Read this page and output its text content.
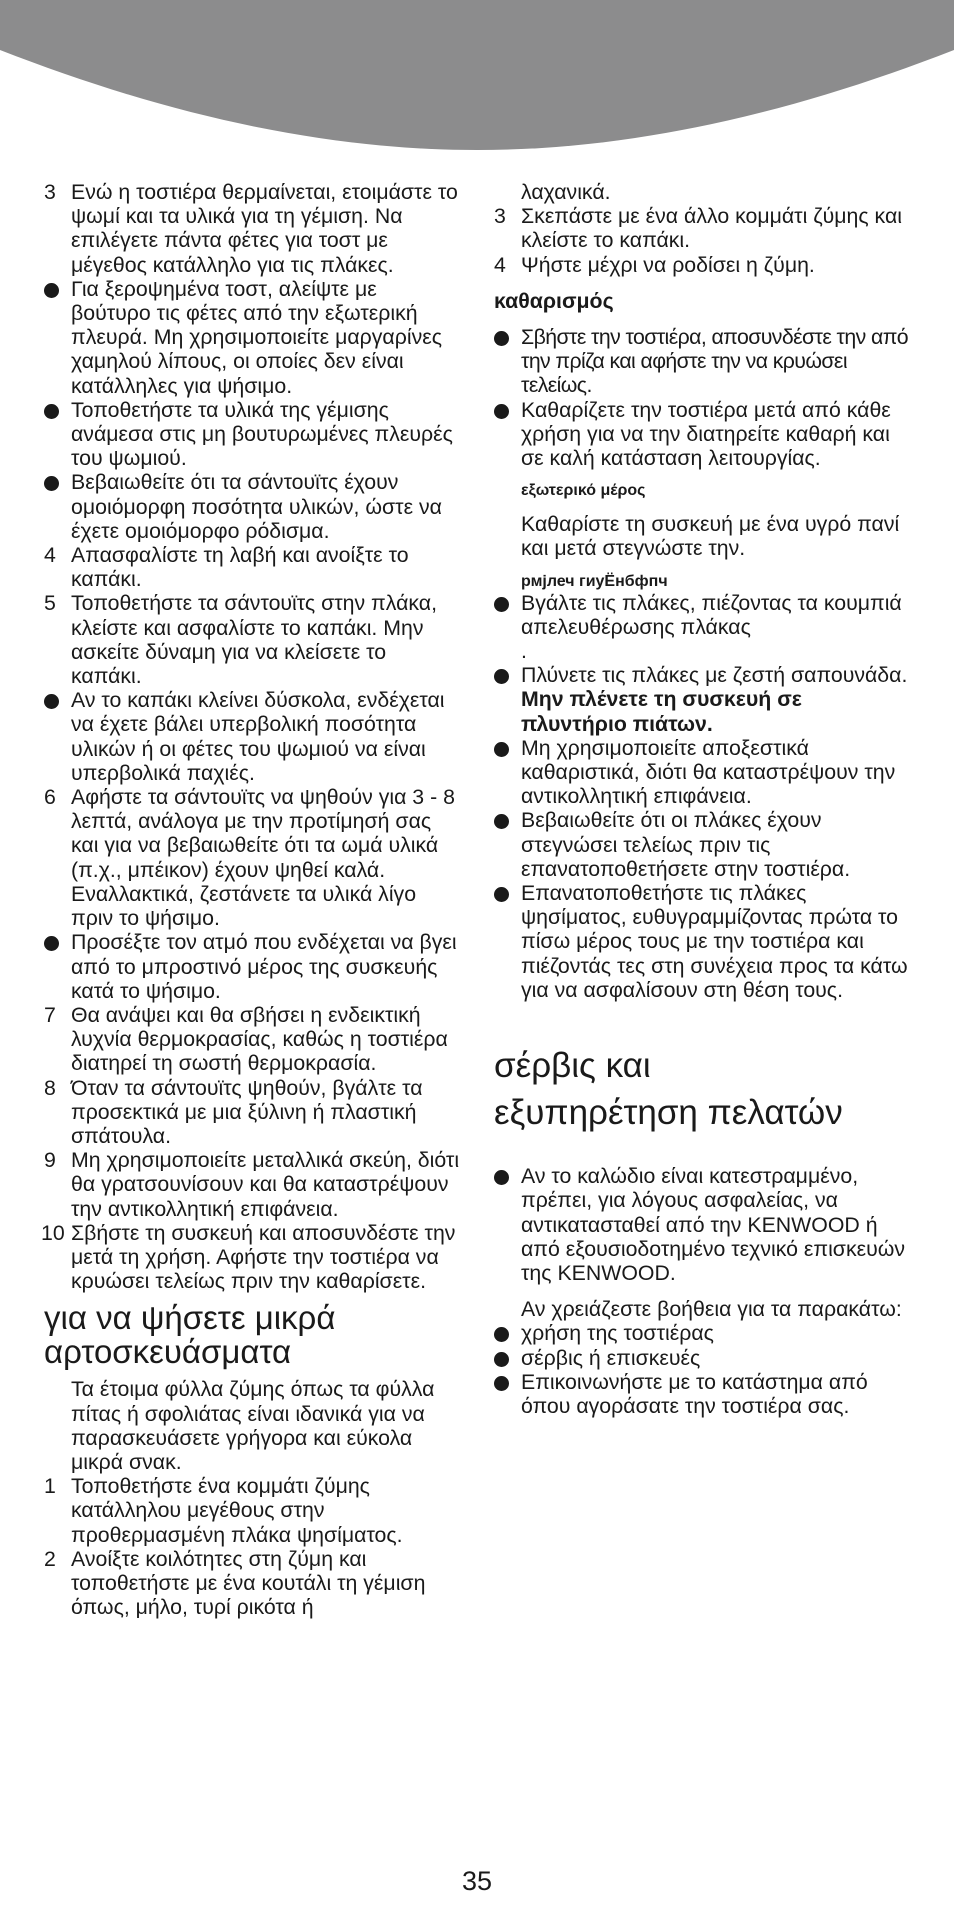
3 Ενώ η τοστιέρα θερμαίνεται, ετοιμάστε το ψωμί και τα υλικά για τη γέμιση. Να επιλέγετε πάντα φέτες για τοστ με μέγεθος κατάλληλο για τις πλάκες.
Για ξεροψημένα τοστ, αλείψτε με βούτυρο τις φέτες από την εξωτερική πλευρά. Μη χρησιμοποιείτε μαργαρίνες χαμηλού λίπους, οι οποίες δεν είναι κατάλληλες για ψήσιμο.
Τοποθετήστε τα υλικά της γέμισης ανάμεσα στις μη βουτυρωμένες πλευρές του ψωμιού.
Βεβαιωθείτε ότι τα σάντουϊτς έχουν ομοιόμορφη ποσότητα υλικών, ώστε να έχετε ομοιόμορφο ρόδισμα.
4 Απασφαλίστε τη λαβή και ανοίξτε το καπάκι.
5 Τοποθετήστε τα σάντουϊτς στην πλάκα, κλείστε και ασφαλίστε το καπάκι. Μην ασκείτε δύναμη για να κλείσετε το καπάκι.
Αν το καπάκι κλείνει δύσκολα, ενδέχεται να έχετε βάλει υπερβολική ποσότητα υλικών ή οι φέτες του ψωμιού να είναι υπερβολικά παχιές.
6 Αφήστε τα σάντουϊτς να ψηθούν για 3 - 8 λεπτά, ανάλογα με την προτίμησή σας και για να βεβαιωθείτε ότι τα ωμά υλικά (π.χ., μπέικον) έχουν ψηθεί καλά. Εναλλακτικά, ζεστάνετε τα υλικά λίγο πριν το ψήσιμο.
Προσέξτε τον ατμό που ενδέχεται να βγει από το μπροστινό μέρος της συσκευής κατά το ψήσιμο.
7 Θα ανάψει και θα σβήσει η ενδεικτική λυχνία θερμοκρασίας, καθώς η τοστιέρα διατηρεί τη σωστή θερμοκρασία.
8 Όταν τα σάντουϊτς ψηθούν, βγάλτε τα προσεκτικά με μια ξύλινη ή πλαστική σπάτουλα.
9 Μη χρησιμοποιείτε μεταλλικά σκεύη, διότι θα γρατσουνίσουν και θα καταστρέψουν την αντικολλητική επιφάνεια.
10 Σβήστε τη συσκευή και αποσυνδέστε την μετά τη χρήση. Αφήστε την τοστιέρα να κρυώσει τελείως πριν την καθαρίσετε.
για να ψήσετε μικρά αρτοσκευάσματα
Τα έτοιμα φύλλα ζύμης όπως τα φύλλα πίτας ή σφολιάτας είναι ιδανικά για να παρασκευάσετε γρήγορα και εύκολα μικρά σνακ.
1 Τοποθετήστε ένα κομμάτι ζύμης κατάλληλου μεγέθους στην προθερμασμένη πλάκα ψησίματος.
2 Ανοίξτε κοιλότητες στη ζύμη και τοποθετήστε με ένα κουτάλι τη γέμιση όπως, μήλο, τυρί ρικότα ή
λαχανικά.
3 Σκεπάστε με ένα άλλο κομμάτι ζύμης και κλείστε το καπάκι.
4 Ψήστε μέχρι να ροδίσει η ζύμη.
καθαρισμός
Σβήστε την τοστιέρα, αποσυνδέστε την από την πρίζα και αφήστε την να κρυώσει τελείως.
Καθαρίζετε την τοστιέρα μετά από κάθε χρήση για να την διατηρείτε καθαρή και σε καλή κατάσταση λειτουργίας.
εξωτερικό μέρος
Καθαρίστε τη συσκευή με ένα υγρό πανί και μετά στεγνώστε την.
рмјлеч гиуЁнбфпч
Βγάλτε τις πλάκες, πιέζοντας τα κουμπιά απελευθέρωσης πλάκας
.
Πλύνετε τις πλάκες με ζεστή σαπουνάδα.
Μην πλένετε τη συσκευή σε πλυντήριο πιάτων.
Μη χρησιμοποιείτε αποξεστικά καθαριστικά, διότι θα καταστρέψουν την αντικολλητική επιφάνεια.
Βεβαιωθείτε ότι οι πλάκες έχουν στεγνώσει τελείως πριν τις επανατοποθετήσετε στην τοστιέρα.
Επανατοποθετήστε τις πλάκες ψησίματος, ευθυγραμμίζοντας πρώτα το πίσω μέρος τους με την τοστιέρα και πιέζοντάς τες στη συνέχεια προς τα κάτω για να ασφαλίσουν στη θέση τους.
σέρβις και
εξυπηρέτηση πελατών
Αν το καλώδιο είναι κατεστραμμένο, πρέπει, για λόγους ασφαλείας, να αντικατασταθεί από την KENWOOD ή από εξουσιοδοτημένο τεχνικό επισκευών της KENWOOD.
Αν χρειάζεστε βοήθεια για τα παρακάτω:
χρήση της τοστιέρας
σέρβις ή επισκευές
Επικοινωνήστε με το κατάστημα από όπου αγοράσατε την τοστιέρα σας.
35
